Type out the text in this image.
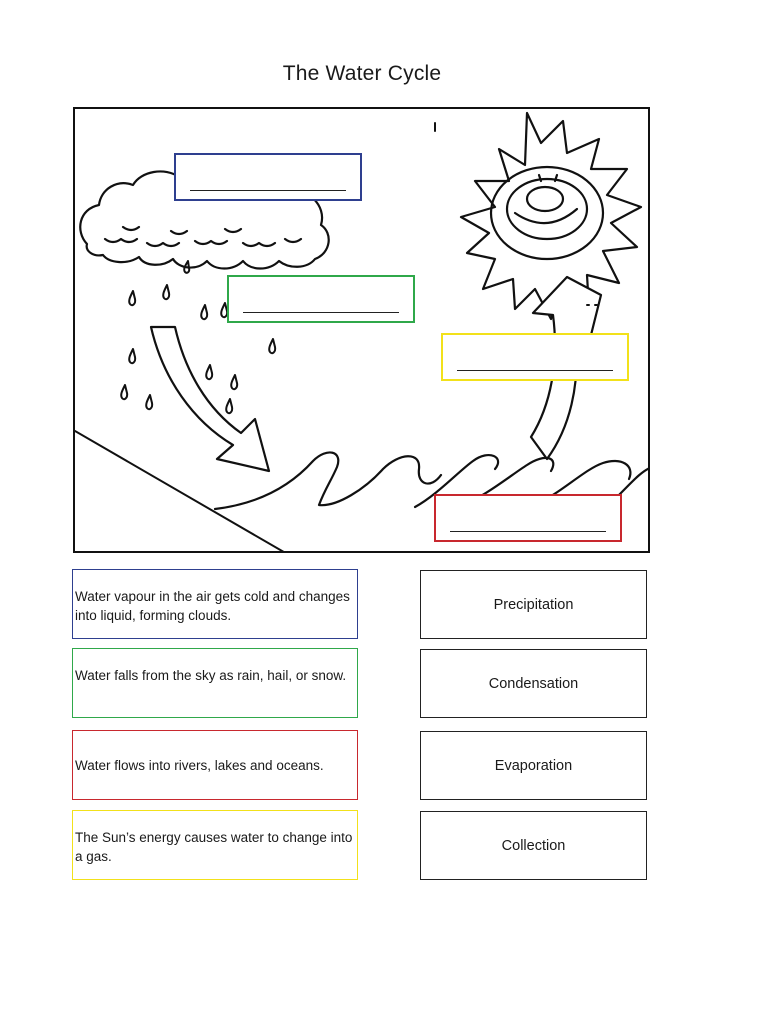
The Water Cycle
Water vapour in the air gets cold and changes into liquid, forming clouds.
Water falls from the sky as rain, hail, or snow.
Water flows into rivers, lakes and oceans.
The Sun’s energy causes water to change into a gas.
Precipitation
Condensation
Evaporation
Collection
